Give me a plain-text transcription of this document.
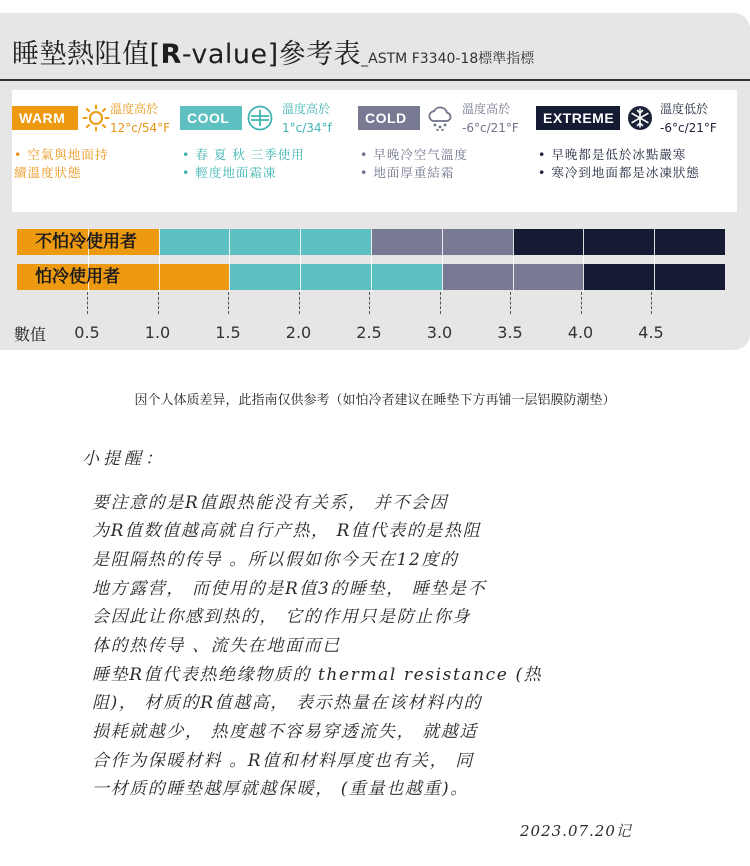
睡墊熱阻值[R-value]參考表_ASTM F3340-18標準指標
WARM
溫度高於
12°c/54°F
• 空氣與地面持
續溫度狀態
COOL
溫度高於
1°c/34°f
• 春 夏 秋 三季使用
• 輕度地面霜凍
COLD
溫度高於
-6°c/21°F
• 早晚冷空气溫度
• 地面厚重結霜
EXTREME
溫度低於
-6°c/21°F
• 早晚都是低於冰點嚴寒
• 寒冷到地面都是冰凍狀態
不怕冷使用者
怕冷使用者
數值 0.5	1.0	1.5	2.0	2.5	3.0	3.5	4.0	4.5
因个人体质差异，此指南仅供参考（如怕冷者建议在睡垫下方再铺一层铝膜防潮垫）
小提醒：
要注意的是R值跟热能没有关系， 并不会因
为R值数值越高就自行产热， R值代表的是热阻
是阻隔热的传导 。所以假如你今天在12度的
地方露营， 而使用的是R值3的睡垫， 睡垫是不
会因此让你感到热的， 它的作用只是防止你身
体的热传导 、流失在地面而已
睡垫R值代表热绝缘物质的 thermal resistance (热
阻)， 材质的R值越高， 表示热量在该材料内的
损耗就越少， 热度越不容易穿透流失， 就越适
合作为保暖材料 。R值和材料厚度也有关， 同
一材质的睡垫越厚就越保暖， (重量也越重)。
2023.07.20记
